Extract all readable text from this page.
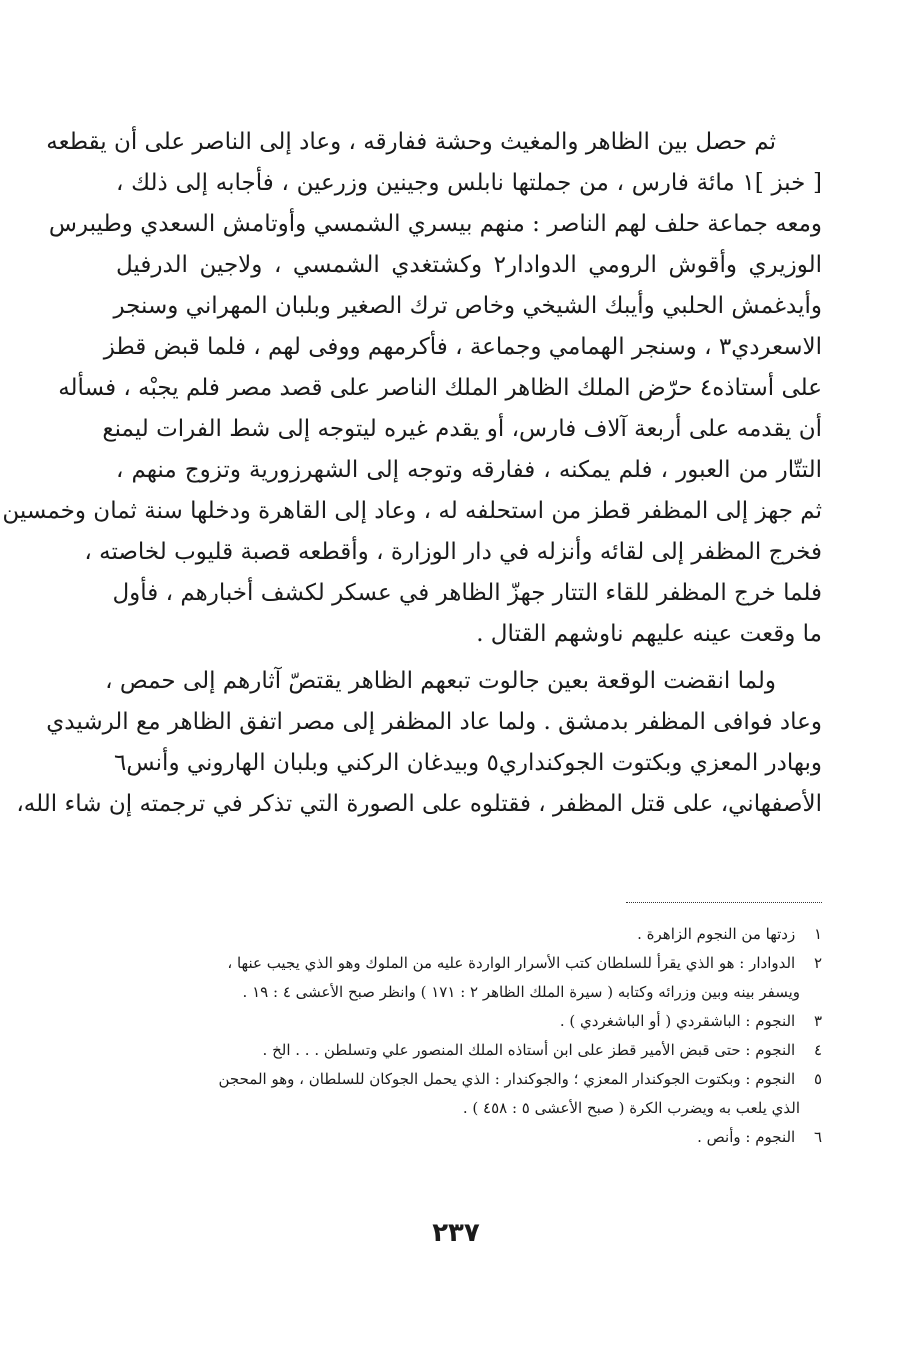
ثم حصل بين الظاهر والمغيث وحشة ففارقه ، وعاد إلى الناصر على أن يقطعه
[ خبز ]١ مائة فارس ، من جملتها نابلس وجينين وزرعين ، فأجابه إلى ذلك ،
ومعه جماعة حلف لهم الناصر : منهم بيسري الشمسي وأوتامش السعدي وطيبرس
الوزيري وأقوش الرومي الدوادار٢ وكشتغدي الشمسي ، ولاجين الدرفيل
وأيدغمش الحلبي وأيبك الشيخي وخاص ترك الصغير وبلبان المهراني وسنجر
الاسعردي٣ ، وسنجر الهمامي وجماعة ، فأكرمهم ووفى لهم ، فلما قبض قطز
على أستاذه٤ حرّض الملك الظاهر الملك الناصر على قصد مصر فلم يجبْه ، فسأله
أن يقدمه على أربعة آلاف فارس، أو يقدم غيره ليتوجه إلى شط الفرات ليمنع
التتّار من العبور ، فلم يمكنه ، ففارقه وتوجه إلى الشهرزورية وتزوج منهم ،
ثم جهز إلى المظفر قطز من استحلفه له ، وعاد إلى القاهرة ودخلها سنة ثمان وخمسين
فخرج المظفر إلى لقائه وأنزله في دار الوزارة ، وأقطعه قصبة قليوب لخاصته ،
فلما خرج المظفر للقاء التتار جهزّ الظاهر في عسكر لكشف أخبارهم ، فأول
ما وقعت عينه عليهم ناوشهم القتال .
ولما انقضت الوقعة بعين جالوت تبعهم الظاهر يقتصّ آثارهم إلى حمص ،
وعاد فوافى المظفر بدمشق . ولما عاد المظفر إلى مصر اتفق الظاهر مع الرشيدي
وبهادر المعزي وبكتوت الجوكنداري٥ وبيدغان الركني وبلبان الهاروني وأنس٦
الأصفهاني، على قتل المظفر ، فقتلوه على الصورة التي تذكر في ترجمته إن شاء الله،
١ زدتها من النجوم الزاهرة .
٢ الدوادار : هو الذي يقرأ للسلطان كتب الأسرار الواردة عليه من الملوك وهو الذي يجيب عنها ،
ويسفر بينه وبين وزرائه وكتابه ( سيرة الملك الظاهر ٢ : ١٧١ ) وانظر صبح الأعشى ٤ : ١٩ .
٣ النجوم : الباشقردي ( أو الباشغردي ) .
٤ النجوم : حتى قبض الأمير قطز على ابن أستاذه الملك المنصور علي وتسلطن . . . الخ .
٥ النجوم : وبكتوت الجوكندار المعزي ؛ والجوكندار : الذي يحمل الجوكان للسلطان ، وهو المحجن
الذي يلعب به ويضرب الكرة ( صبح الأعشى ٥ : ٤٥٨ ) .
٦ النجوم : وأنص .
٢٣٧
